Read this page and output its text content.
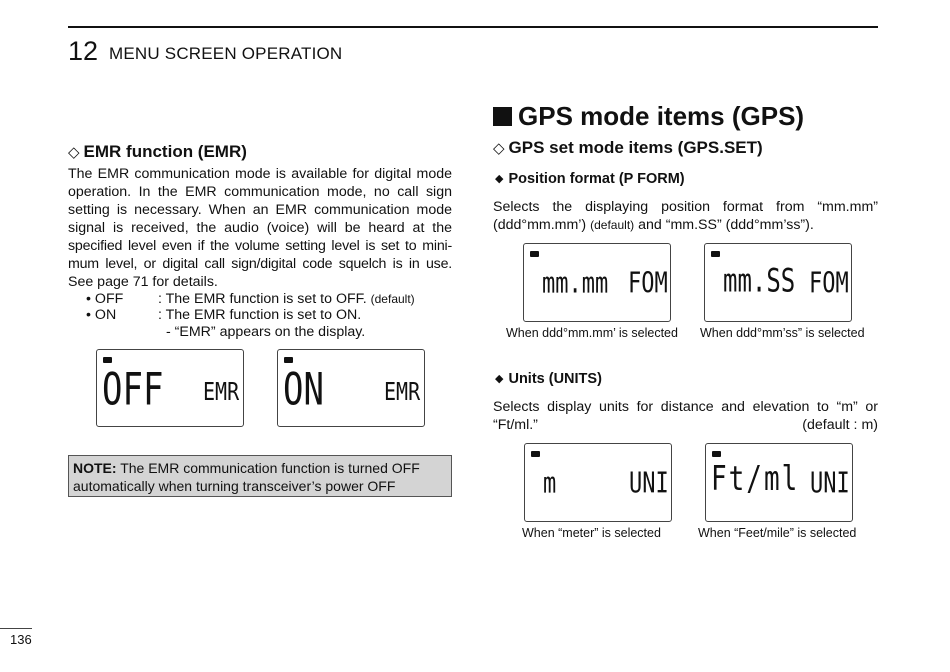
12 MENU SCREEN OPERATION
◇ EMR function (EMR)

The EMR communication mode is available for digital mode

operation. In the EMR communication mode, no call sign

setting is necessary. When an EMR communication mode

signal is received, the audio (voice) will be heard at the

specified level even if the volume setting level is set to mini-

mum level, or digital call sign/digital code squelch is in use.

See page 71 for details.

• OFF : The EMR function is set to OFF. (default)
• ON	: The EMR function is set to ON.
- “EMR” appears on the display.
OFF EMR ON	EMR
NOTE: The EMR communication function is turned OFF automatically when turning transceiver’s power OFF
GPS mode items (GPS)
◇ GPS set mode items (GPS.SET)
◆ Position format (P FORM)

Selects the displaying position format from “mm.mm”

(ddd°mm.mm’) (default) and “mm.SS” (ddd°mm’ss”).

mm.mm FOM
When ddd°mm.mm’ is selected
mm.SS FOM
When ddd°mm’ss” is selected
◆ Units (UNITS)

Selects display units for distance and elevation to “m” or

“Ft/ml.”	(default : m)
m	UNI
When “meter” is selected
Ft/ml UNI
When “Feet/mile” is selected
136
